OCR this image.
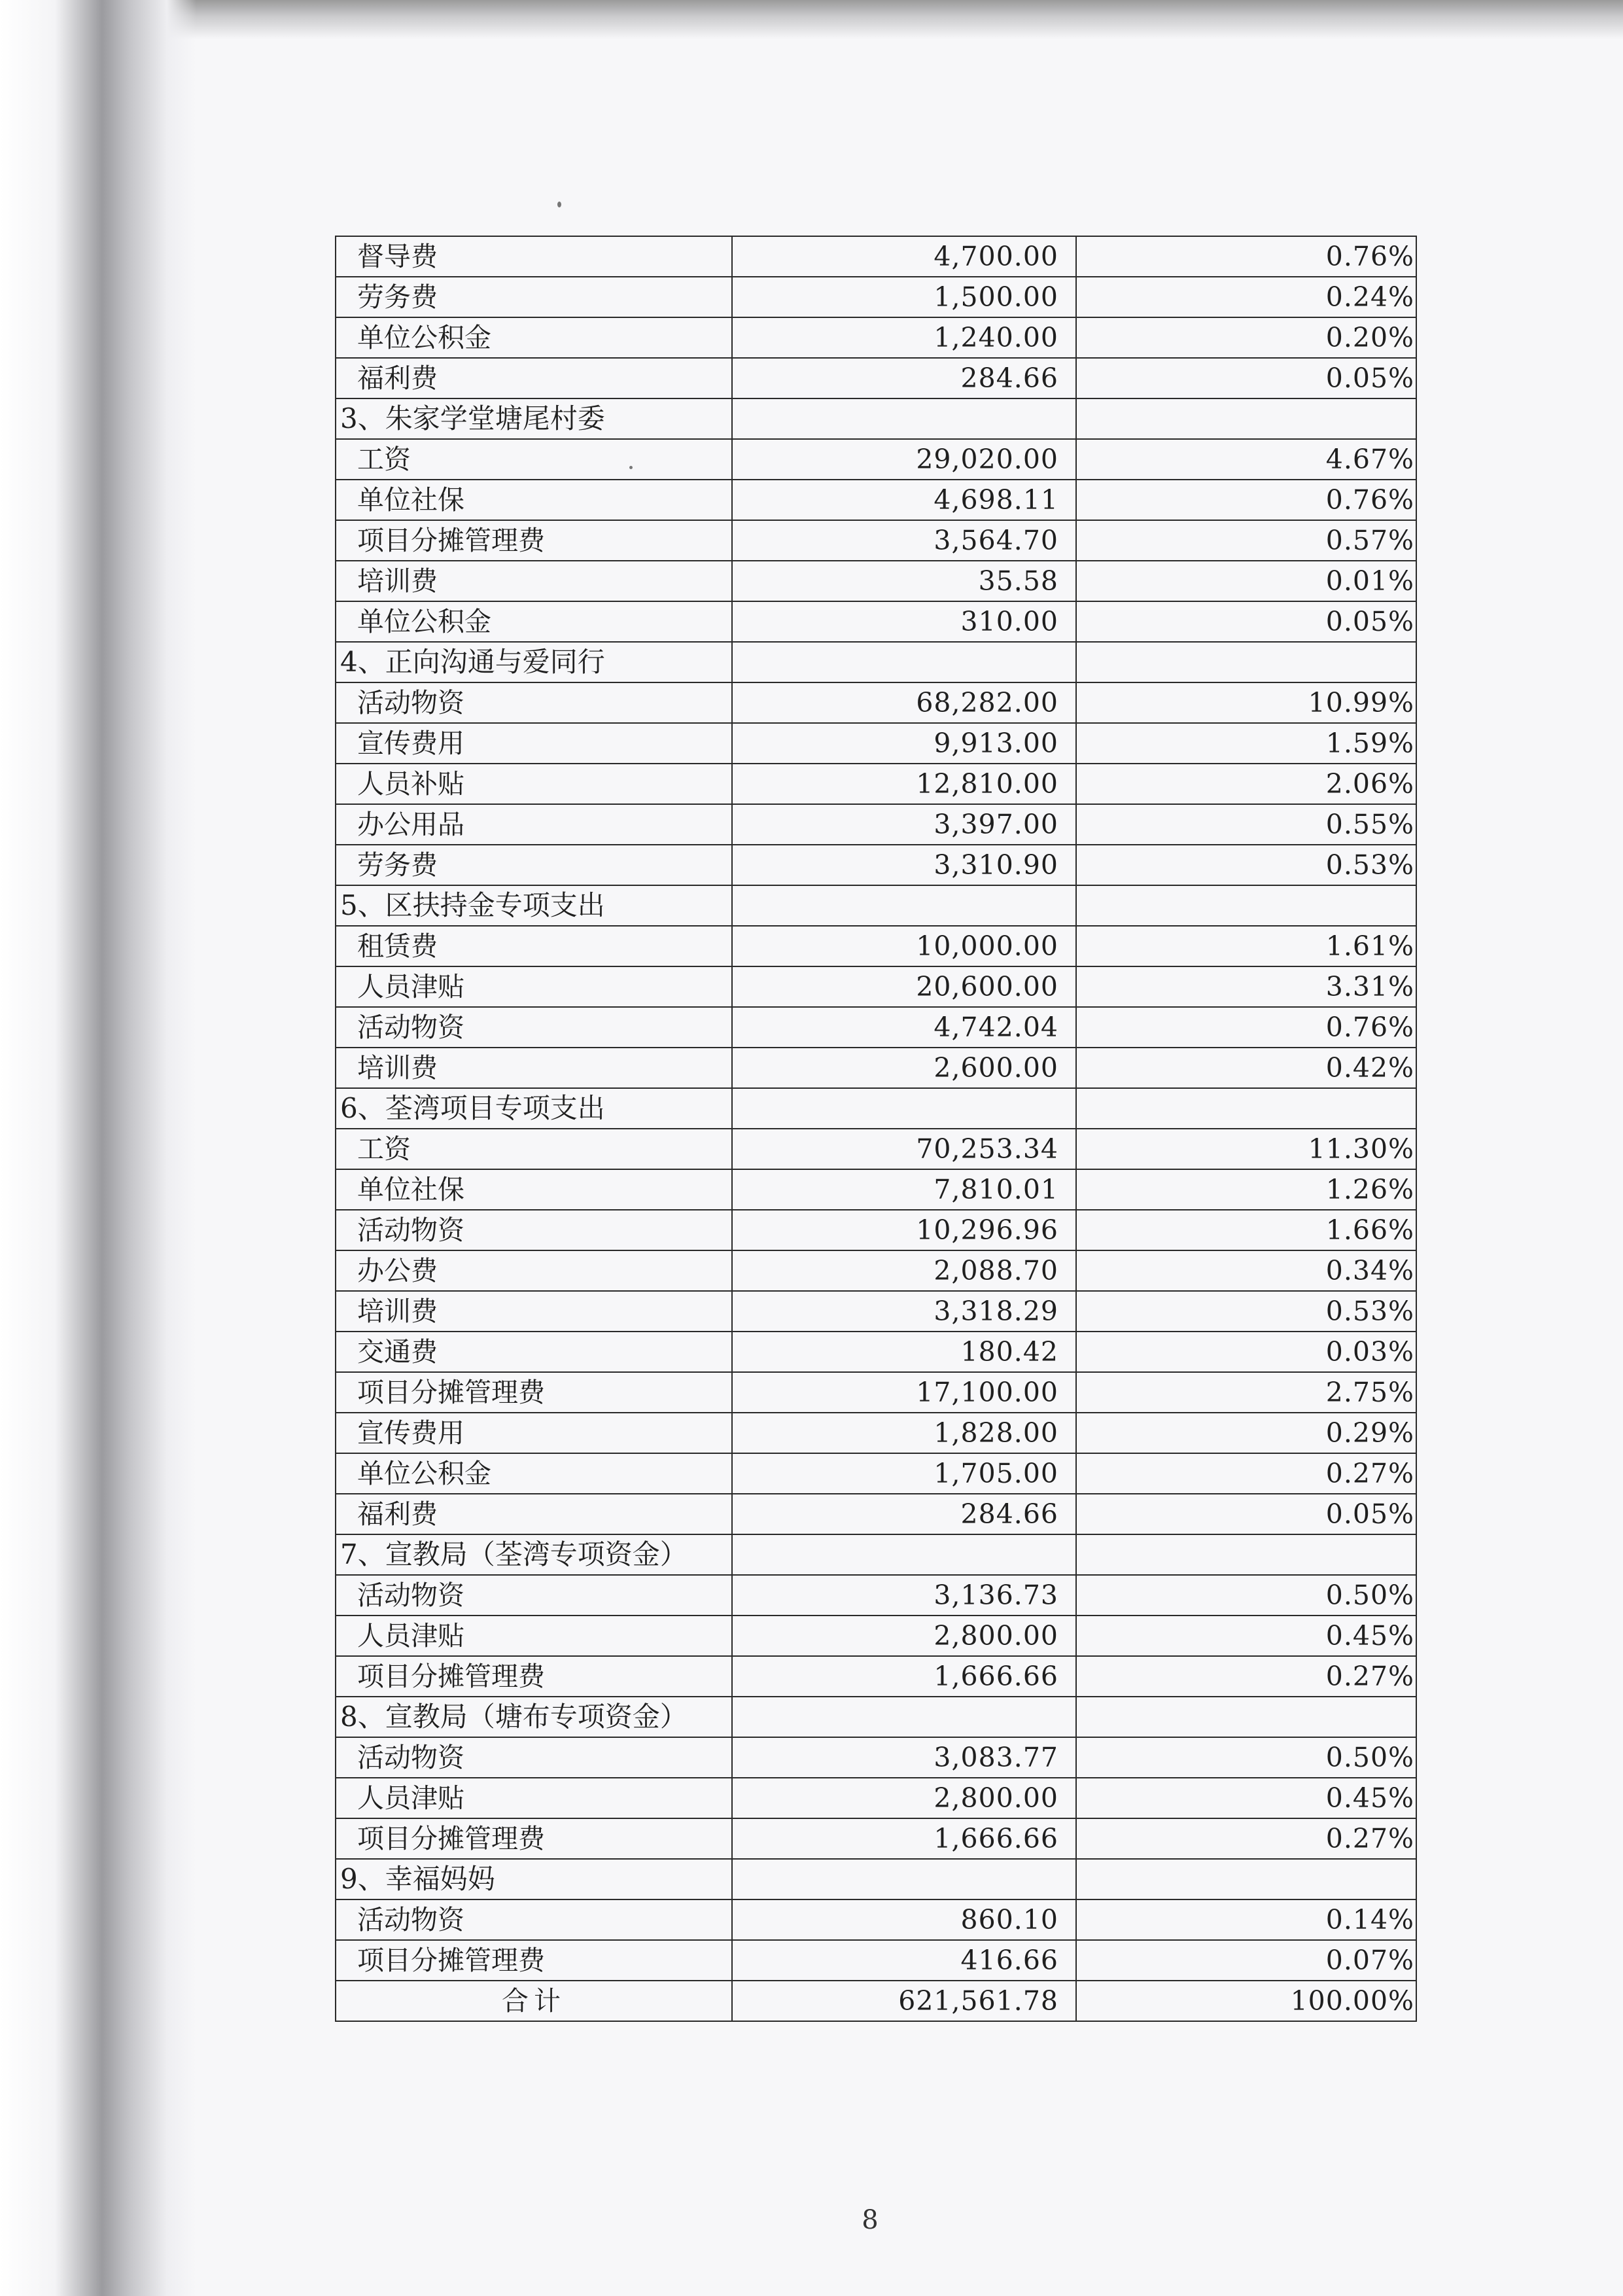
督导费	4,700.00	0.76%
劳务费	1,500.00	0.24%
单位公积金	1,240.00	0.20%
福利费	284.66	0.05%
3、朱家学堂塘尾村委		
工资	29,020.00	4.67%
单位社保	4,698.11	0.76%
项目分摊管理费	3,564.70	0.57%
培训费	35.58	0.01%
单位公积金	310.00	0.05%
4、正向沟通与爱同行		
活动物资	68,282.00	10.99%
宣传费用	9,913.00	1.59%
人员补贴	12,810.00	2.06%
办公用品	3,397.00	0.55%
劳务费	3,310.90	0.53%
5、区扶持金专项支出		
租赁费	10,000.00	1.61%
人员津贴	20,600.00	3.31%
活动物资	4,742.04	0.76%
培训费	2,600.00	0.42%
6、荃湾项目专项支出		
工资	70,253.34	11.30%
单位社保	7,810.01	1.26%
活动物资	10,296.96	1.66%
办公费	2,088.70	0.34%
培训费	3,318.29	0.53%
交通费	180.42	0.03%
项目分摊管理费	17,100.00	2.75%
宣传费用	1,828.00	0.29%
单位公积金	1,705.00	0.27%
福利费	284.66	0.05%
7、宣教局（荃湾专项资金）		
活动物资	3,136.73	0.50%
人员津贴	2,800.00	0.45%
项目分摊管理费	1,666.66	0.27%
8、宣教局（塘布专项资金）		
活动物资	3,083.77	0.50%
人员津贴	2,800.00	0.45%
项目分摊管理费	1,666.66	0.27%
9、幸福妈妈		
活动物资	860.10	0.14%
项目分摊管理费	416.66	0.07%
合计	621,561.78	100.00%
8
